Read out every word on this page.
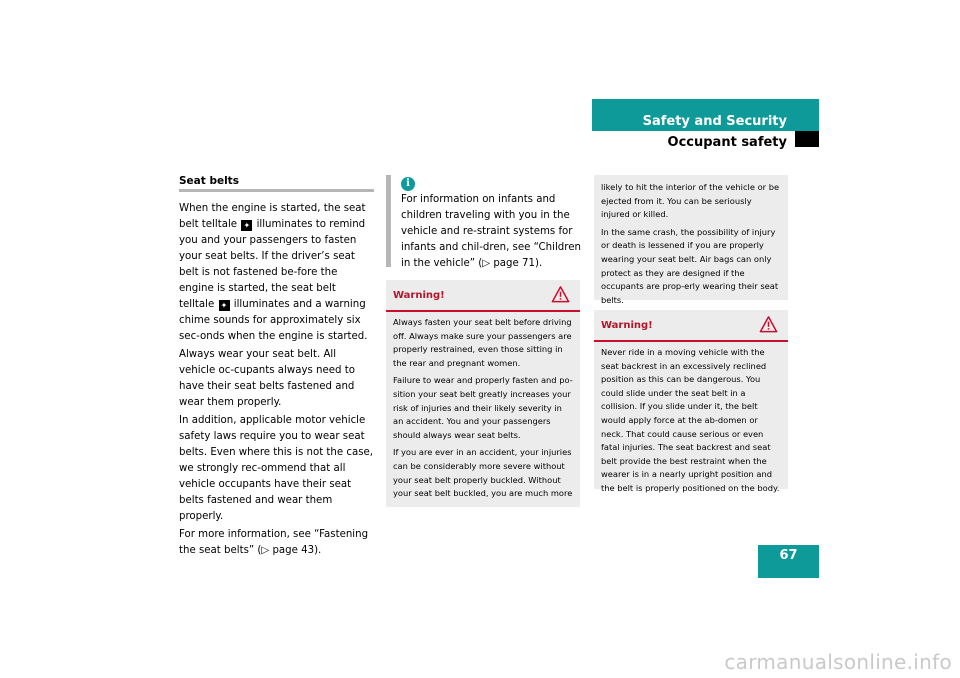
Safety and Security
Occupant safety
Seat belts

When the engine is started, the seat belt telltale ✦ illuminates to remind you and your passengers to fasten your seat belts. If the driver’s seat belt is not fastened be-fore the engine is started, the seat belt telltale ✦ illuminates and a warning chime sounds for approximately six sec-onds when the engine is started.

Always wear your seat belt. All vehicle oc-cupants always need to have their seat belts fastened and wear them properly.

In addition, applicable motor vehicle safety laws require you to wear seat belts. Even where this is not the case, we strongly rec-ommend that all vehicle occupants have their seat belts fastened and wear them properly.

For more information, see “Fastening the seat belts” (▷ page 43).

i
For information on infants and children traveling with you in the vehicle and re-straint systems for infants and chil-dren, see “Children in the vehicle” (▷ page 71).
Warning!

Always fasten your seat belt before driving off. Always make sure your passengers are properly restrained, even those sitting in the rear and pregnant women.

Failure to wear and properly fasten and po-sition your seat belt greatly increases your risk of injuries and their likely severity in an accident. You and your passengers should always wear seat belts.

If you are ever in an accident, your injuries can be considerably more severe without your seat belt properly buckled. Without your seat belt buckled, you are much more

likely to hit the interior of the vehicle or be ejected from it. You can be seriously injured or killed.

In the same crash, the possibility of injury or death is lessened if you are properly wearing your seat belt. Air bags can only protect as they are designed if the occupants are prop-erly wearing their seat belts.

Warning!

Never ride in a moving vehicle with the seat backrest in an excessively reclined position as this can be dangerous. You could slide under the seat belt in a collision. If you slide under it, the belt would apply force at the ab-domen or neck. That could cause serious or even fatal injuries. The seat backrest and seat belt provide the best restraint when the wearer is in a nearly upright position and the belt is properly positioned on the body.

67
carmanualsonline.info
